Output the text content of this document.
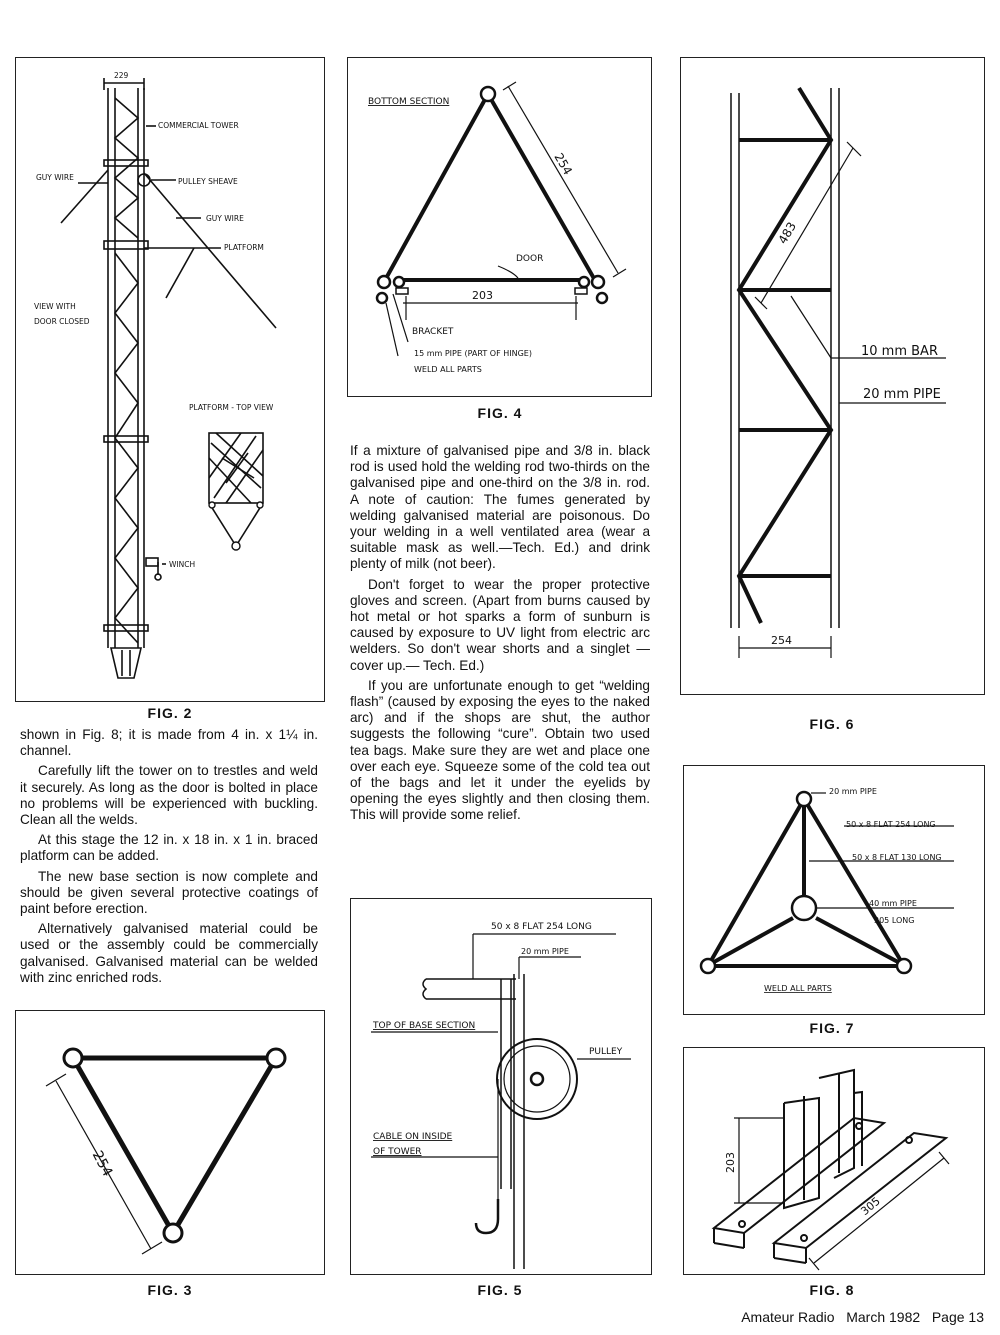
229
COMMERCIAL TOWER
GUY WIRE	PULLEY SHEAVE
GUY WIRE
PLATFORM
VIEW WITH
DOOR CLOSED
PLATFORM - TOP VIEW
WINCH
FIG. 2
254
FIG. 3
BOTTOM SECTION
254
DOOR
203
BRACKET
15 mm PIPE (PART OF HINGE)
WELD ALL PARTS
FIG. 4
483
10 mm BAR
20 mm PIPE
254
FIG. 6

shown in Fig. 8; it is made from 4 in. x 1¼ in. channel.

Carefully lift the tower on to trestles and weld it securely. As long as the door is bolted in place no problems will be experienced with buckling. Clean all the welds.

At this stage the 12 in. x 18 in. x 1 in. braced platform can be added.

The new base section is now complete and should be given several protective coatings of paint before erection.

Alternatively galvanised material could be used or the assembly could be commercially galvanised. Galvanised material can be welded with zinc enriched rods.

If a mixture of galvanised pipe and 3/8 in. black rod is used hold the welding rod two-thirds on the galvanised pipe and one-third on the 3/8 in. rod. A note of caution: The fumes generated by welding galvanised material are poisonous. Do your welding in a well ventilated area (wear a suitable mask as well.—Tech. Ed.) and drink plenty of milk (not beer).

Don't forget to wear the proper protective gloves and screen. (Apart from burns caused by hot metal or hot sparks a form of sunburn is caused by exposure to UV light from electric arc welders. So don't wear shorts and a singlet — cover up.— Tech. Ed.)

If you are unfortunate enough to get “welding flash” (caused by exposing the eyes to the naked arc) and if the shops are shut, the author suggests the following “cure”. Obtain two used tea bags. Make sure they are wet and place one over each eye. Squeeze some of the cold tea out of the bags and let it under the eyelids by opening the eyes slightly and then closing them. This will provide some relief.

50 x 8 FLAT 254 LONG
20 mm PIPE
TOP OF BASE SECTION
PULLEY
CABLE ON INSIDE
OF TOWER
FIG. 5
20 mm PIPE
50 x 8 FLAT 254 LONG
50 x 8 FLAT 130 LONG
40 mm PIPE
305 LONG
WELD ALL PARTS
FIG. 7
203
305
FIG. 8
Amateur Radio   March 1982   Page 13
